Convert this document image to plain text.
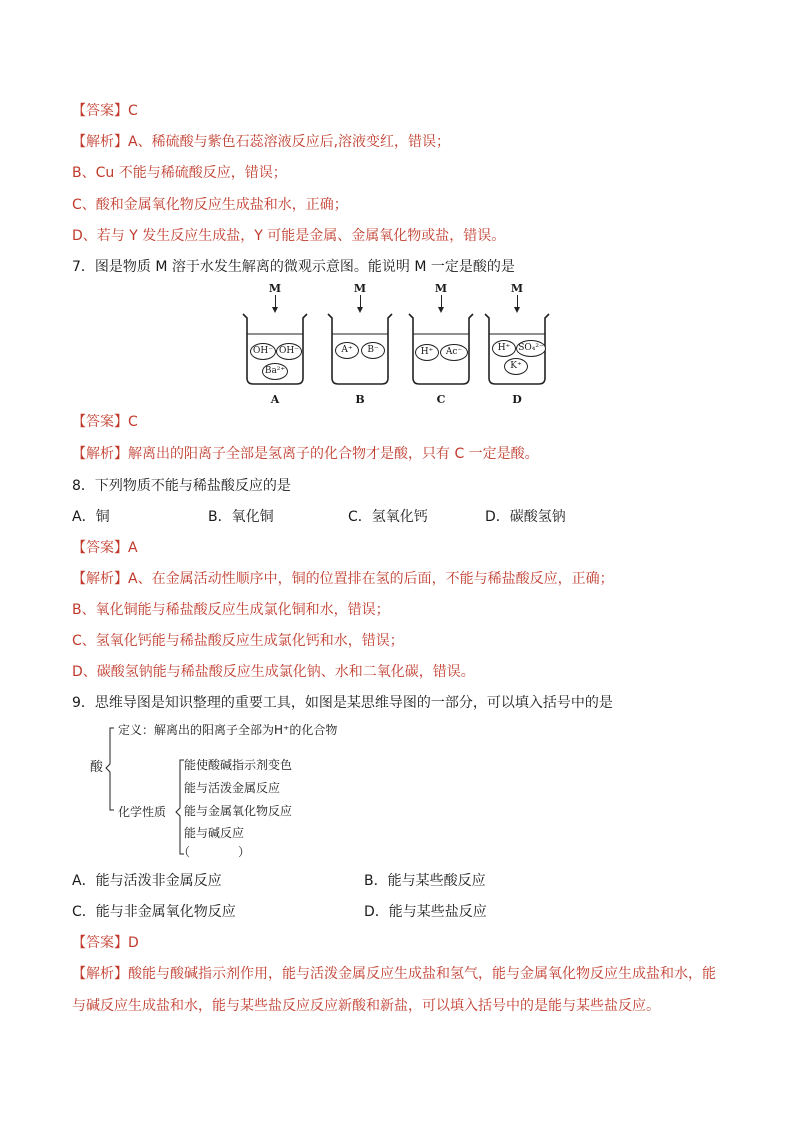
【答案】C
【解析】A、稀硫酸与紫色石蕊溶液反应后,溶液变红，错误；
B、Cu 不能与稀硫酸反应，错误；
C、酸和金属氧化物反应生成盐和水，正确；
D、若与 Y 发生反应生成盐，Y 可能是金属、金属氧化物或盐，错误。
7．图是物质 M 溶于水发生解离的微观示意图。能说明 M 一定是酸的是
M
OH⁻ OH⁻
Ba²⁺
A
M
A⁺	B⁻
B
M
H⁺	Ac⁻
C
M
H⁺ SO₄²⁻
K⁺
D
【答案】C
【解析】解离出的阳离子全部是氢离子的化合物才是酸，只有 C 一定是酸。
8．下列物质不能与稀盐酸反应的是
A．铜	B．氧化铜	C．氢氧化钙	D．碳酸氢钠
【答案】A
【解析】A、在金属活动性顺序中，铜的位置排在氢的后面，不能与稀盐酸反应，正确；
B、氧化铜能与稀盐酸反应生成氯化铜和水，错误；
C、氢氧化钙能与稀盐酸反应生成氯化钙和水，错误；
D、碳酸氢钠能与稀盐酸反应生成氯化钠、水和二氧化碳，错误。
9．思维导图是知识整理的重要工具，如图是某思维导图的一部分，可以填入括号中的是
酸
定义：解离出的阳离子全部为H⁺的化合物
化学性质
能使酸碱指示剂变色
能与活泼金属反应
能与金属氧化物反应
能与碱反应
（　　　　）
A．能与活泼非金属反应	B．能与某些酸反应
C．能与非金属氧化物反应	D．能与某些盐反应
【答案】D
【解析】酸能与酸碱指示剂作用，能与活泼金属反应生成盐和氢气，能与金属氧化物反应生成盐和水，能
与碱反应生成盐和水，能与某些盐反应反应新酸和新盐，可以填入括号中的是能与某些盐反应。
